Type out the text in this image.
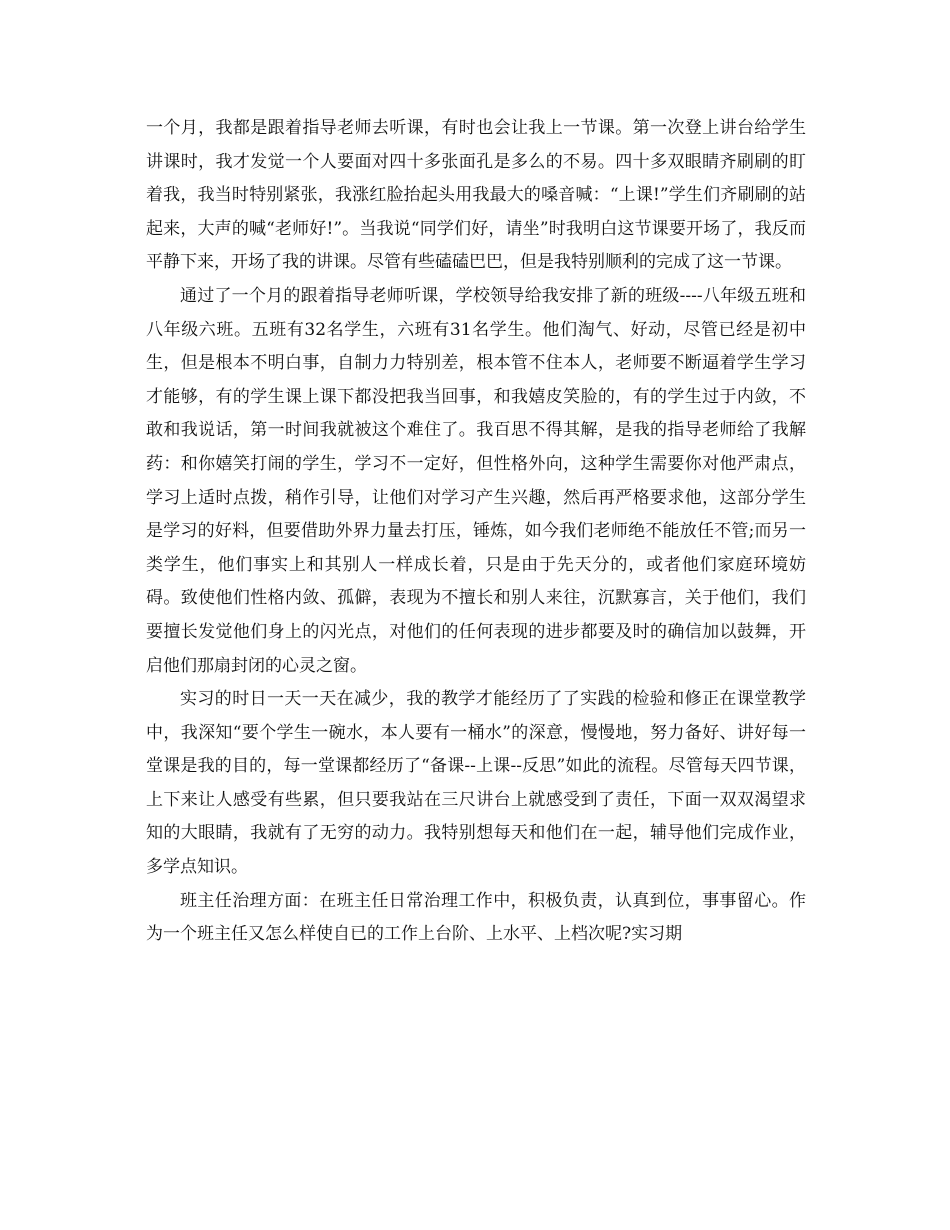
一个月，我都是跟着指导老师去听课，有时也会让我上一节课。第一次登上讲台给学生讲课时，我才发觉一个人要面对四十多张面孔是多么的不易。四十多双眼睛齐刷刷的盯着我，我当时特别紧张，我涨红脸抬起头用我最大的嗓音喊：“上课!”学生们齐刷刷的站起来，大声的喊“老师好!”。当我说“同学们好，请坐”时我明白这节课要开场了，我反而平静下来，开场了我的讲课。尽管有些磕磕巴巴，但是我特别顺利的完成了这一节课。

通过了一个月的跟着指导老师听课，学校领导给我安排了新的班级----八年级五班和八年级六班。五班有32名学生，六班有31名学生。他们淘气、好动，尽管已经是初中生，但是根本不明白事，自制力力特别差，根本管不住本人，老师要不断逼着学生学习才能够，有的学生课上课下都没把我当回事，和我嬉皮笑脸的，有的学生过于内敛，不敢和我说话，第一时间我就被这个难住了。我百思不得其解，是我的指导老师给了我解药：和你嬉笑打闹的学生，学习不一定好，但性格外向，这种学生需要你对他严肃点，学习上适时点拨，稍作引导，让他们对学习产生兴趣，然后再严格要求他，这部分学生是学习的好料，但要借助外界力量去打压，锤炼，如今我们老师绝不能放任不管;而另一类学生，他们事实上和其别人一样成长着，只是由于先天分的，或者他们家庭环境妨碍。致使他们性格内敛、孤僻，表现为不擅长和别人来往，沉默寡言，关于他们，我们要擅长发觉他们身上的闪光点，对他们的任何表现的进步都要及时的确信加以鼓舞，开启他们那扇封闭的心灵之窗。

实习的时日一天一天在减少，我的教学才能经历了了实践的检验和修正在课堂教学中，我深知“要个学生一碗水，本人要有一桶水”的深意，慢慢地，努力备好、讲好每一堂课是我的目的，每一堂课都经历了“备课--上课--反思”如此的流程。尽管每天四节课，上下来让人感受有些累，但只要我站在三尺讲台上就感受到了责任，下面一双双渴望求知的大眼睛，我就有了无穷的动力。我特别想每天和他们在一起，辅导他们完成作业，多学点知识。

班主任治理方面：在班主任日常治理工作中，积极负责，认真到位，事事留心。作为一个班主任又怎么样使自已的工作上台阶、上水平、上档次呢?实习期
